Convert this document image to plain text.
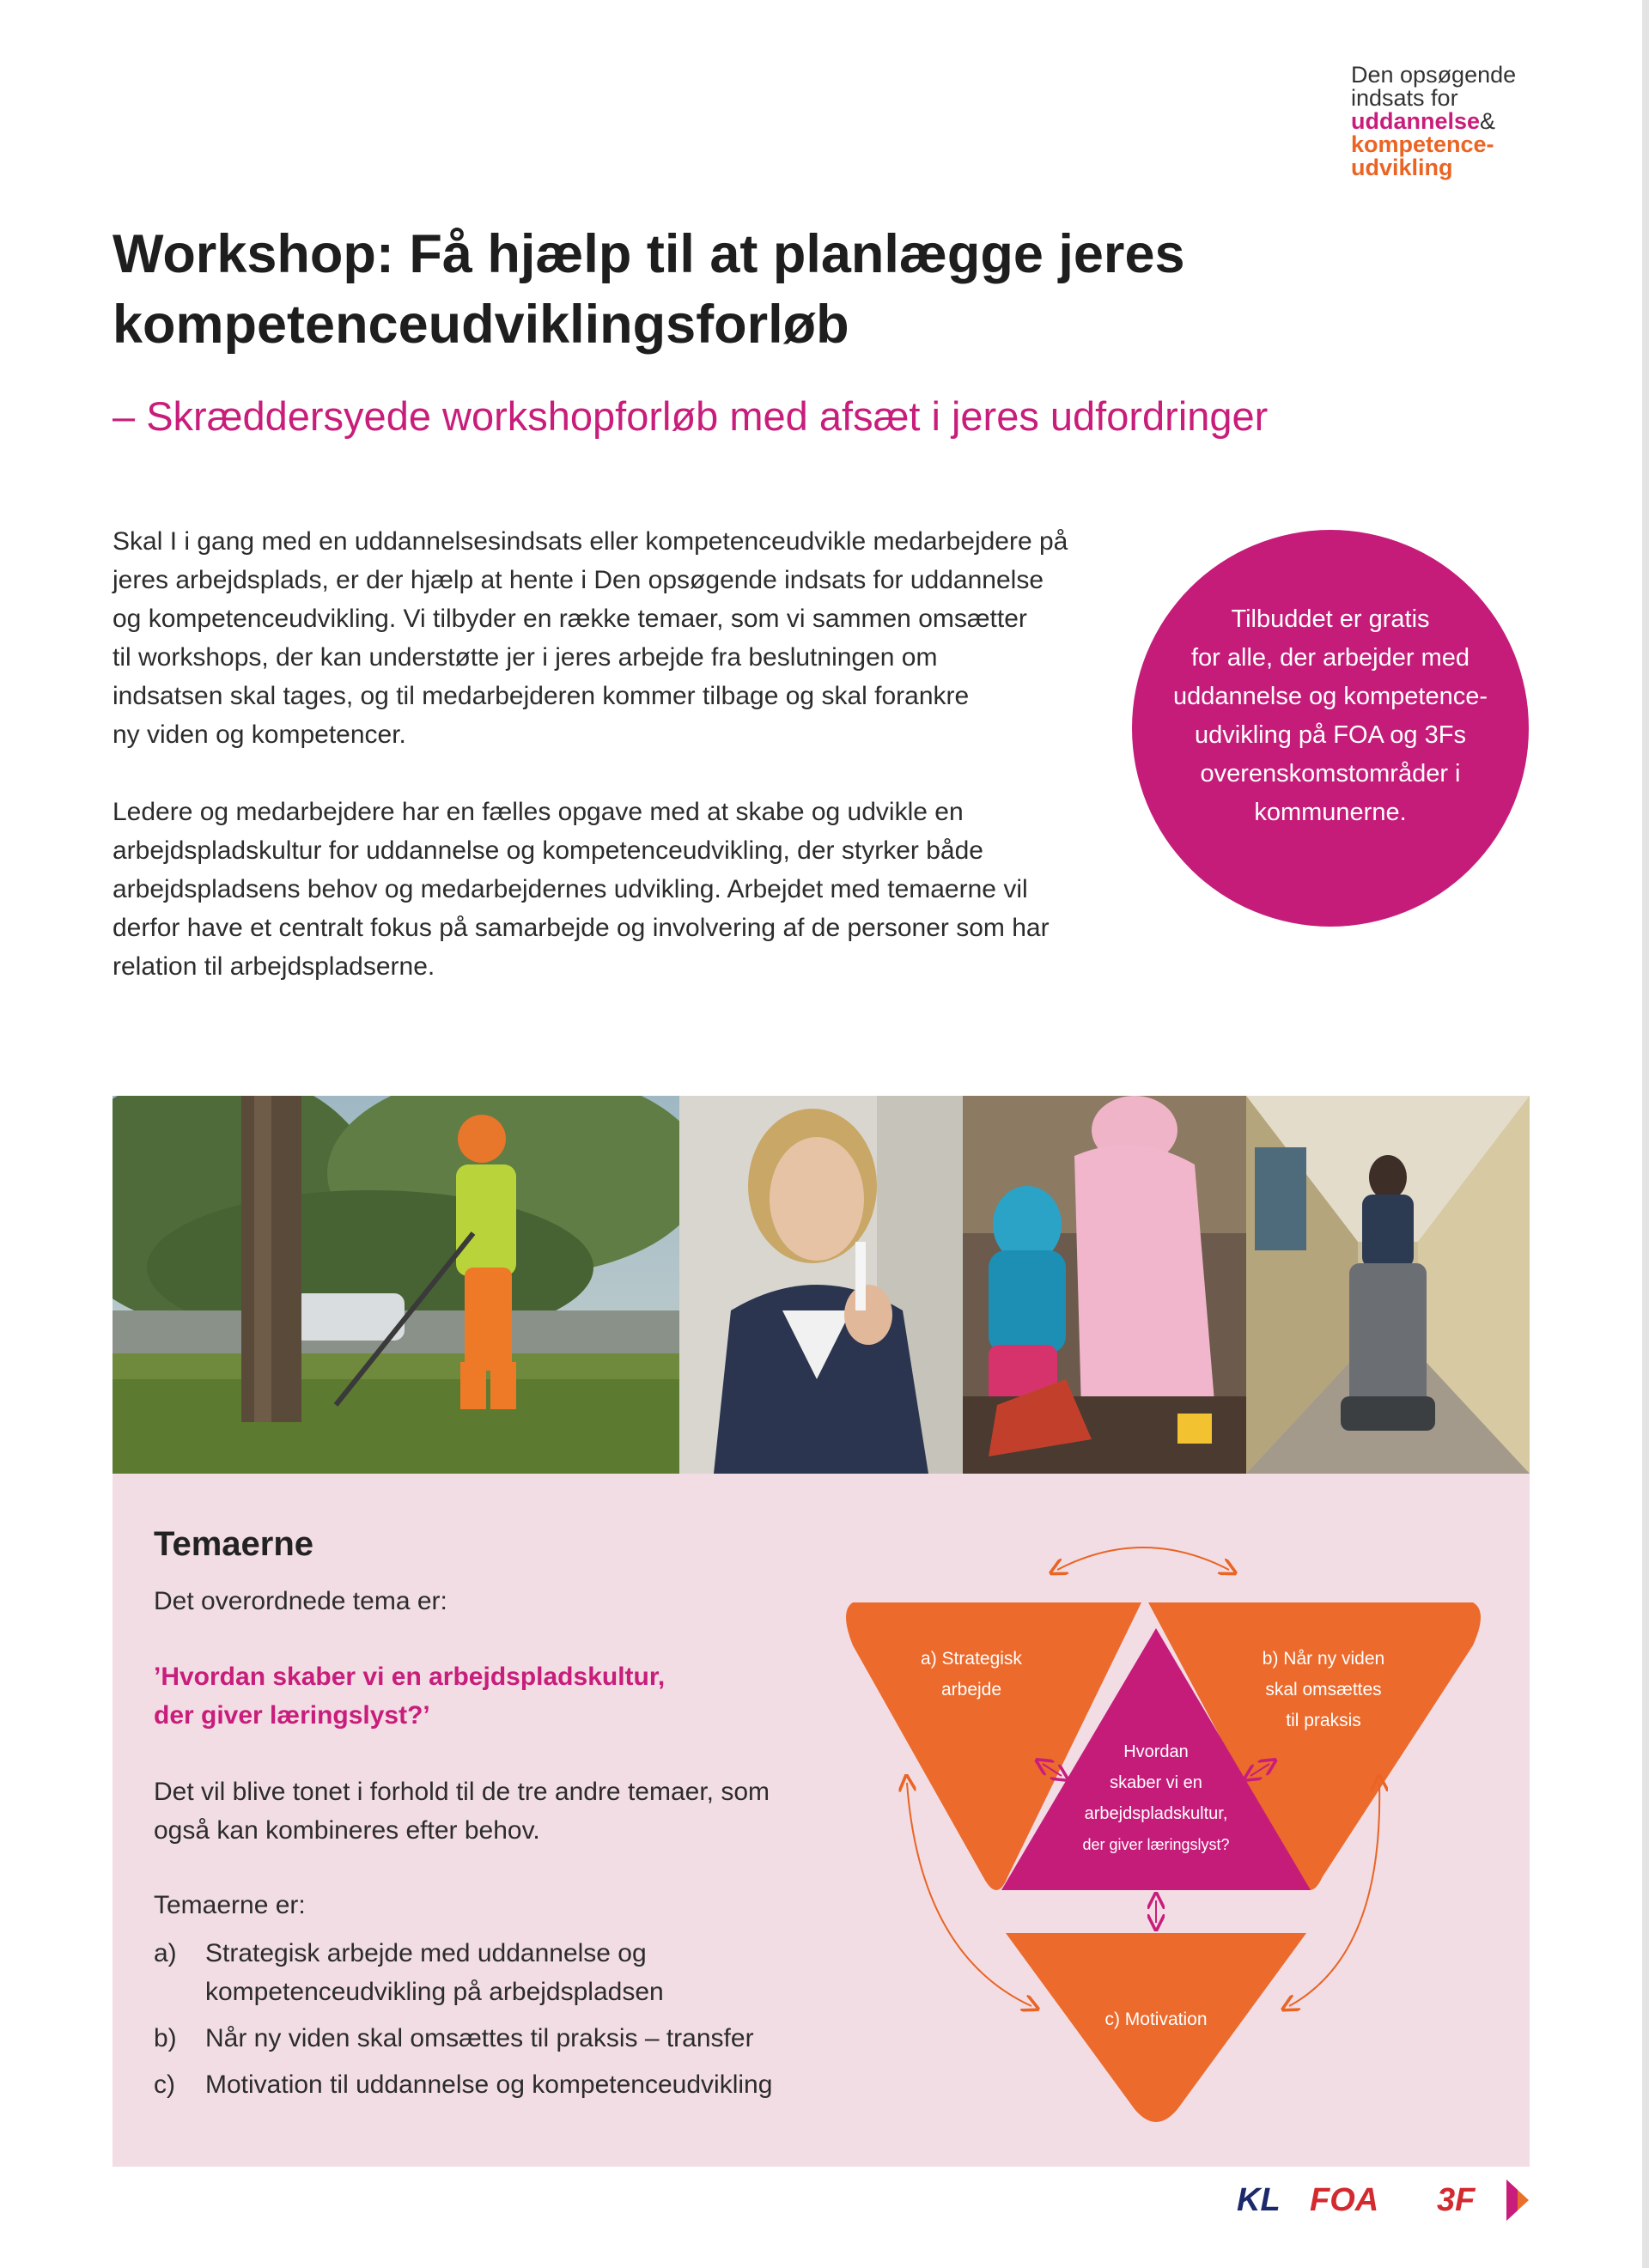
Den opsøgende
indsats for
uddannelse&
kompetence-
udvikling
Workshop: Få hjælp til at planlægge jeres
kompetenceudviklingsforløb
– Skræddersyede workshopforløb med afsæt i jeres udfordringer

Skal I i gang med en uddannelsesindsats eller kompetenceudvikle medarbejdere på
jeres arbejdsplads, er der hjælp at hente i Den opsøgende indsats for uddannelse
og kompetenceudvikling. Vi tilbyder en række temaer, som vi sammen omsætter
til workshops, der kan understøtte jer i jeres arbejde fra beslutningen om
indsatsen skal tages, og til medarbejderen kommer tilbage og skal forankre
ny viden og kompetencer.

Ledere og medarbejdere har en fælles opgave med at skabe og udvikle en
arbejdspladskultur for uddannelse og kompetenceudvikling, der styrker både
arbejdspladsens behov og medarbejdernes udvikling. Arbejdet med temaerne vil
derfor have et centralt fokus på samarbejde og involvering af de personer som har
relation til arbejdspladserne.

Tilbuddet er gratis
for alle, der arbejder med
uddannelse og kompetence-
udvikling på FOA og 3Fs
overenskomstområder i
kommunerne.
Temaerne

Det overordnede tema er:

’Hvordan skaber vi en arbejdspladskultur,
der giver læringslyst?’

Det vil blive tonet i forhold til de tre andre temaer, som
også kan kombineres efter behov.

Temaerne er:

a) Strategisk arbejde med uddannelse og
kompetenceudvikling på arbejdspladsen
b) Når ny viden skal omsættes til praksis – transfer
c) Motivation til uddannelse og kompetenceudvikling
a) Strategisk
arbejde
b) Når ny viden
skal omsættes
til praksis
c) Motivation
Hvordan
skaber vi en
arbejdspladskultur,
der giver læringslyst?
KL FOA 3F
